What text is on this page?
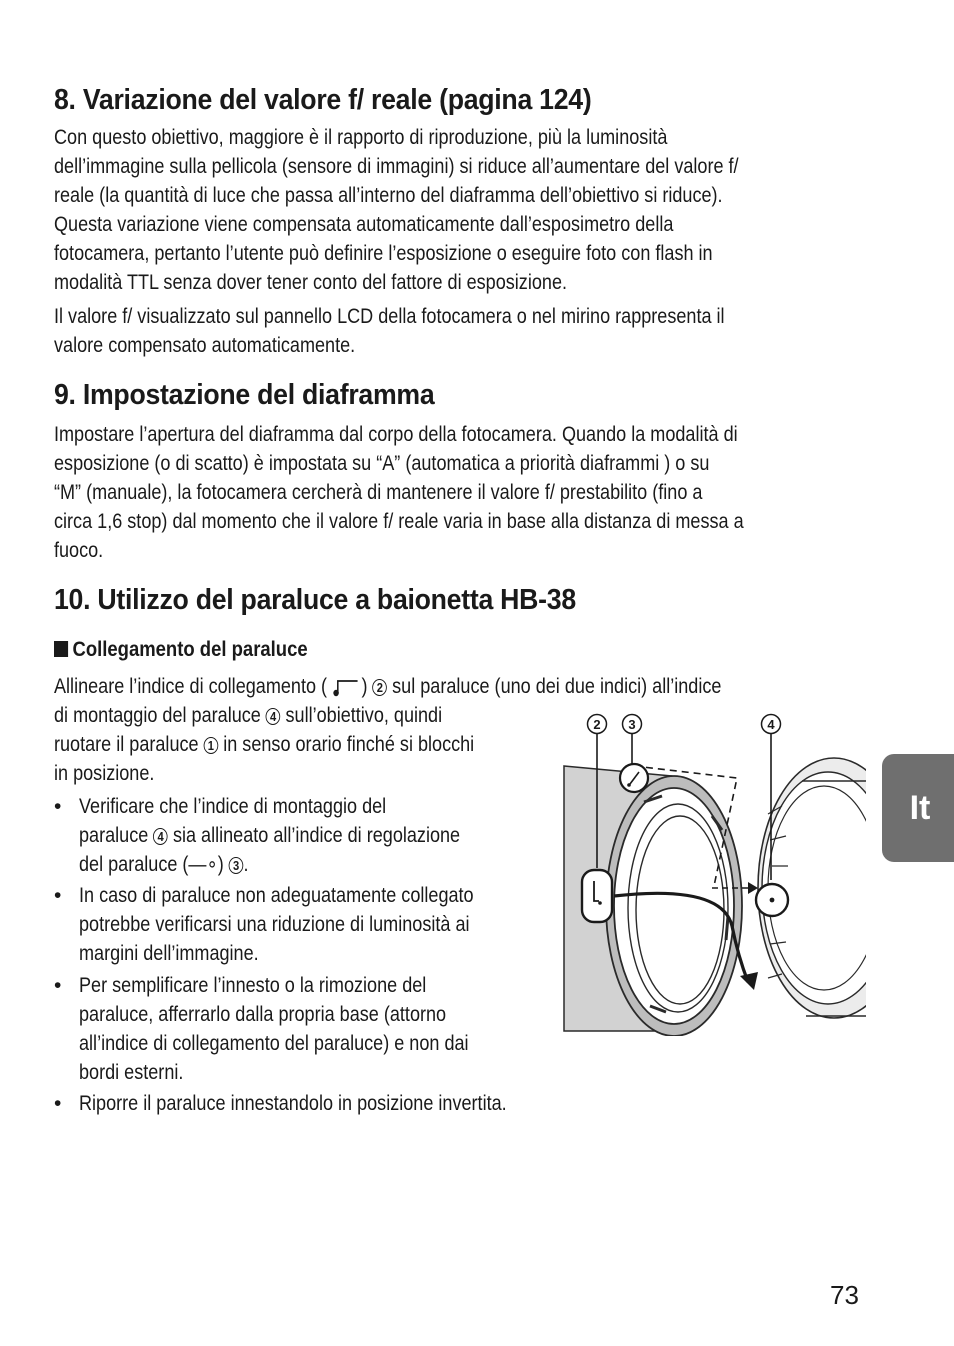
8. Variazione del valore f/ reale (pagina 124)

Con questo obiettivo, maggiore è il rapporto di riproduzione, più la luminosità
dell’immagine sulla pellicola (sensore di immagini) si riduce all’aumentare del valore f/
reale (la quantità di luce che passa all’interno del diaframma dell’obiettivo si riduce).
Questa variazione viene compensata automaticamente dall’esposimetro della
fotocamera, pertanto l’utente può definire l’esposizione o eseguire foto con flash in
modalità TTL senza dover tener conto del fattore di esposizione.

Il valore f/ visualizzato sul pannello LCD della fotocamera o nel mirino rappresenta il
valore compensato automaticamente.

9. Impostazione del diaframma

Impostare l’apertura del diaframma dal corpo della fotocamera. Quando la modalità di
esposizione (o di scatto) è impostata su “A” (automatica a priorità diaframmi ) o su
“M” (manuale), la fotocamera cercherà di mantenere il valore f/ prestabilito (fino a
circa 1,6 stop) dal momento che il valore f/ reale varia in base alla distanza di messa a
fuoco.

10. Utilizzo del paraluce a baionetta HB-38
Collegamento del paraluce

Allineare l’indice di collegamento ( ) 2 sul paraluce (uno dei due indici) all’indice
di montaggio del paraluce 4 sull’obiettivo, quindi
ruotare il paraluce 1 in senso orario finché si blocchi
in posizione.

• Verificare che l’indice di montaggio del
paraluce 4 sia allineato all’indice di regolazione
del paraluce (—∘) 3 .
• In caso di paraluce non adeguatamente collegato
potrebbe verificarsi una riduzione di luminosità ai
margini dell’immagine.
• Per semplificare l’innesto o la rimozione del
paraluce, afferrarlo dalla propria base (attorno
all’indice di collegamento del paraluce) e non dai
bordi esterni.
• Riporre il paraluce innestandolo in posizione invertita.
2 3	4
It
73
